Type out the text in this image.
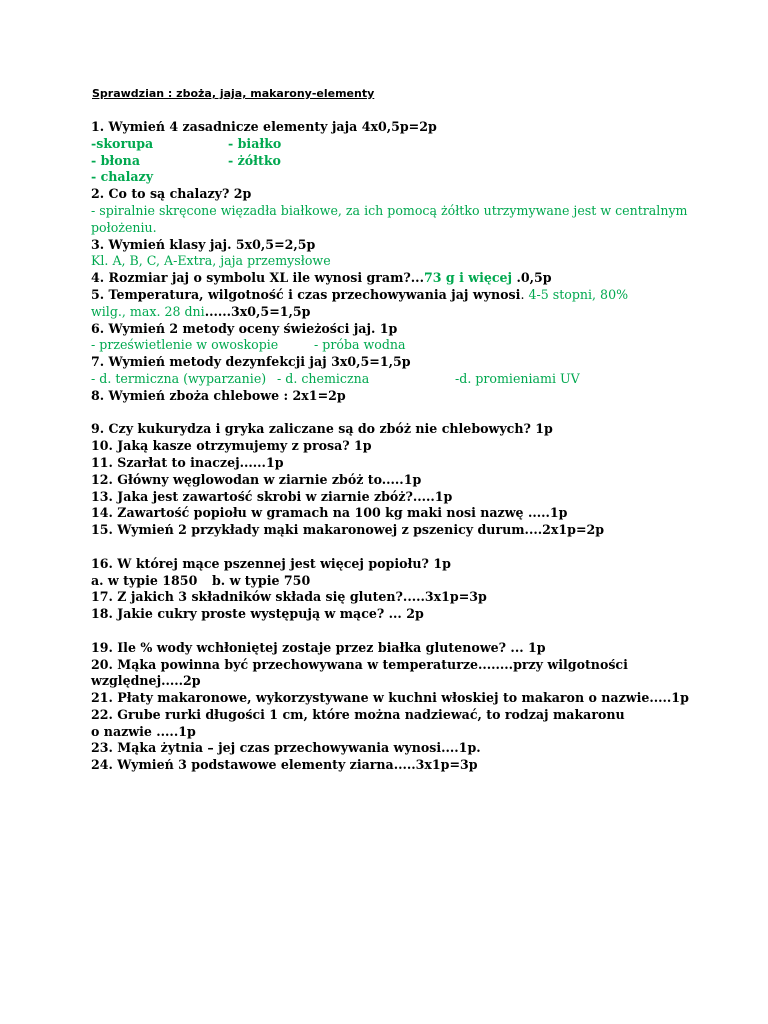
Sprawdzian : zboża, jaja, makarony-elementy
1. Wymień 4 zasadnicze elementy jaja 4x0,5p=2p
-skorupa	- białko
- błona	- żółtko
- chalazy
2. Co to są chalazy? 2p
- spiralnie skręcone więzadła białkowe, za ich pomocą żółtko utrzymywane jest w centralnym położeniu.
3. Wymień klasy jaj. 5x0,5=2,5p
Kl. A, B, C, A-Extra, jaja przemysłowe
4. Rozmiar jaj o symbolu XL ile wynosi gram?...73 g i więcej .0,5p
5. Temperatura, wilgotność i czas przechowywania jaj wynosi. 4-5 stopni, 80% wilg., max. 28 dni......3x0,5=1,5p
6. Wymień 2 metody oceny świeżości jaj. 1p
- prześwietlenie w owoskopie	- próba wodna
7. Wymień metody dezynfekcji jaj 3x0,5=1,5p
- d. termiczna (wyparzanie) - d. chemiczna	-d. promieniami UV
8. Wymień zboża chlebowe : 2x1=2p
9. Czy kukurydza i gryka zaliczane są do zbóż nie chlebowych? 1p
10. Jaką kasze otrzymujemy z prosa? 1p
11. Szarłat to inaczej......1p
12. Główny węglowodan w ziarnie zbóż to.....1p
13. Jaka jest zawartość skrobi w ziarnie zbóż?.....1p
14. Zawartość popiołu w gramach na 100 kg maki nosi nazwę .....1p
15. Wymień 2 przykłady mąki makaronowej z pszenicy durum....2x1p=2p
16. W której mące pszennej jest więcej popiołu? 1p
a. w typie 1850 b. w typie 750
17. Z jakich 3 składników składa się gluten?.....3x1p=3p
18. Jakie cukry proste występują w mące? ... 2p
19. Ile % wody wchłoniętej zostaje przez białka glutenowe? ... 1p
20. Mąka powinna być przechowywana w temperaturze........przy wilgotności względnej.....2p
21. Płaty makaronowe, wykorzystywane w kuchni włoskiej to makaron o nazwie.....1p
22. Grube rurki długości 1 cm, które można nadziewać, to rodzaj makaronu o nazwie .....1p
23. Mąka żytnia – jej czas przechowywania wynosi....1p.
24. Wymień 3 podstawowe elementy ziarna.....3x1p=3p
